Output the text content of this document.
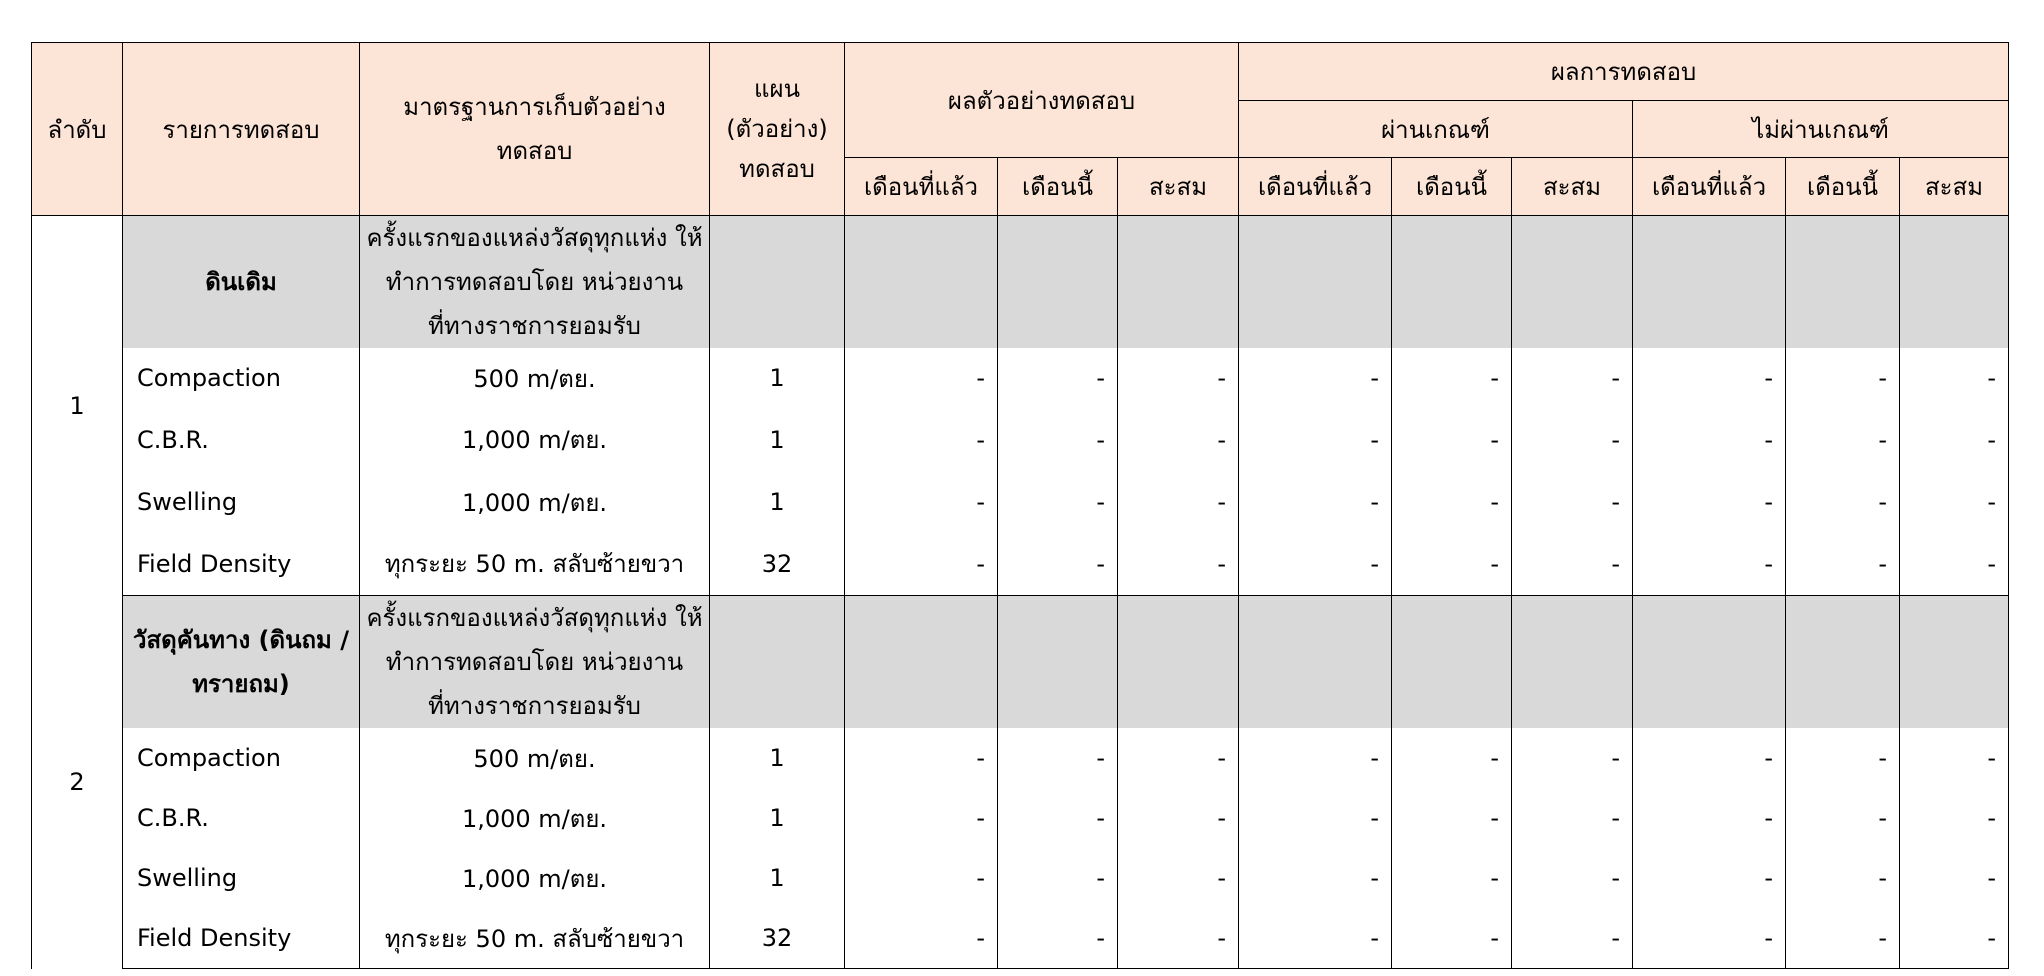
ลำดับ	รายการทดสอบ	มาตรฐานการเก็บตัวอย่างทดสอบ	แผน (ตัวอย่าง) ทดสอบ	ผลตัวอย่างทดสอบ			ผลการทดสอบ					
							ผ่านเกณฑ์			ไม่ผ่านเกณฑ์		
				เดือนที่แล้ว	เดือนนี้	สะสม	เดือนที่แล้ว	เดือนนี้	สะสม	เดือนที่แล้ว	เดือนนี้	สะสม
1	ดินเดิม	ครั้งแรกของแหล่งวัสดุทุกแห่ง ให้ทำการทดสอบโดย หน่วยงานที่ทางราชการยอมรับ										
	Compaction	500 m/ตย.	1	-	-	-	-	-	-	-	-	-
	C.B.R.	1,000 m/ตย.	1	-	-	-	-	-	-	-	-	-
	Swelling	1,000 m/ตย.	1	-	-	-	-	-	-	-	-	-
	Field Density	ทุกระยะ 50 m. สลับซ้ายขวา	32	-	-	-	-	-	-	-	-	-
2	วัสดุคันทาง (ดินถม / ทรายถม)	ครั้งแรกของแหล่งวัสดุทุกแห่ง ให้ทำการทดสอบโดย หน่วยงานที่ทางราชการยอมรับ										
	Compaction	500 m/ตย.	1	-	-	-	-	-	-	-	-	-
	C.B.R.	1,000 m/ตย.	1	-	-	-	-	-	-	-	-	-
	Swelling	1,000 m/ตย.	1	-	-	-	-	-	-	-	-	-
	Field Density	ทุกระยะ 50 m. สลับซ้ายขวา	32	-	-	-	-	-	-	-	-	-
